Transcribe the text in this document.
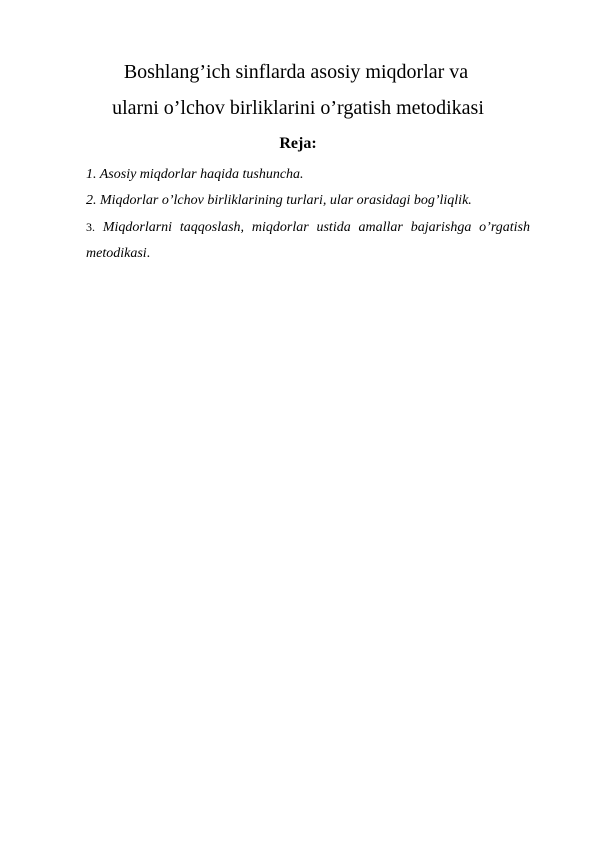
Boshlang’ich sinflarda asosiy miqdorlar va
ularni o’lchov birliklarini o’rgatish metodikasi
Reja:
1. Asosiy miqdorlar haqida tushuncha.
2. Miqdorlar o’lchov birliklarining turlari, ular orasidagi bog’liqlik.
3. Miqdorlarni taqqoslash, miqdorlar ustida amallar bajarishga o’rgatish metodikasi.
